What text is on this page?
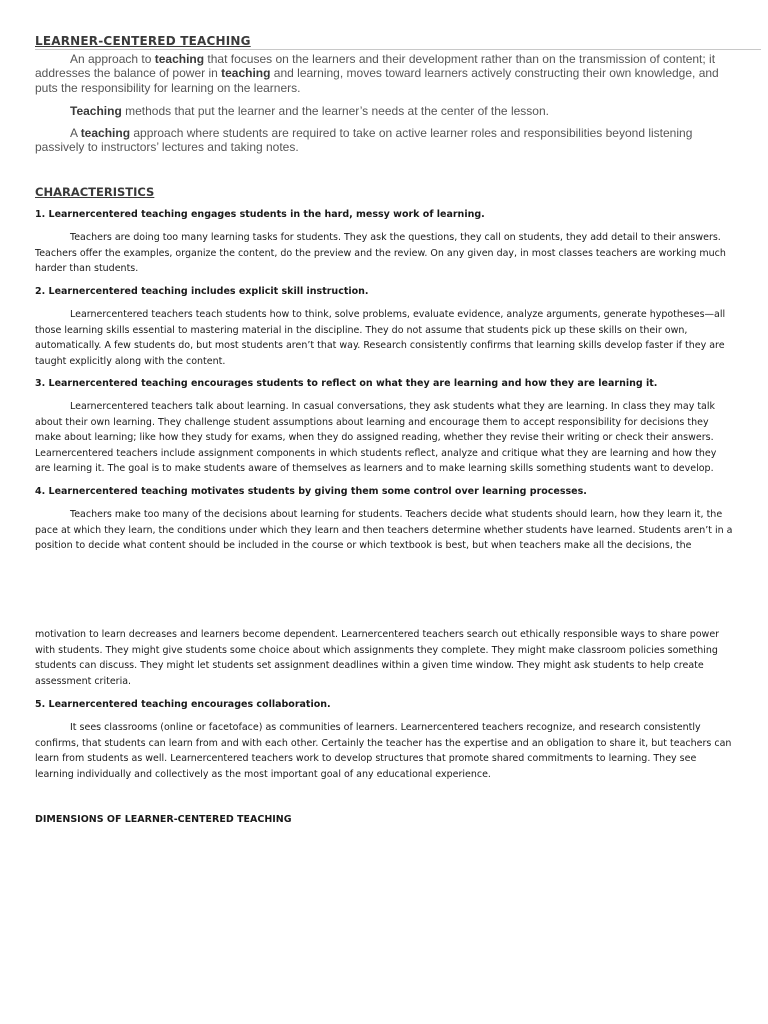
LEARNER-CENTERED TEACHING

An approach to teaching that focuses on the learners and their development rather than on the transmission of content; it addresses the balance of power in teaching and learning, moves toward learners actively constructing their own knowledge, and puts the responsibility for learning on the learners.

Teaching methods that put the learner and the learner’s needs at the center of the lesson.

A teaching approach where students are required to take on active learner roles and responsibilities beyond listening passively to instructors’ lectures and taking notes.

CHARACTERISTICS

1. Learnercentered teaching engages students in the hard, messy work of learning.

Teachers are doing too many learning tasks for students. They ask the questions, they call on students, they add detail to their answers. Teachers offer the examples, organize the content, do the preview and the review. On any given day, in most classes teachers are working much harder than students.

2. Learnercentered teaching includes explicit skill instruction.

Learnercentered teachers teach students how to think, solve problems, evaluate evidence, analyze arguments, generate hypotheses—all those learning skills essential to mastering material in the discipline. They do not assume that students pick up these skills on their own, automatically. A few students do, but most students aren’t that way. Research consistently confirms that learning skills develop faster if they are taught explicitly along with the content.

3. Learnercentered teaching encourages students to reflect on what they are learning and how they are learning it.

Learnercentered teachers talk about learning. In casual conversations, they ask students what they are learning. In class they may talk about their own learning. They challenge student assumptions about learning and encourage them to accept responsibility for decisions they make about learning; like how they study for exams, when they do assigned reading, whether they revise their writing or check their answers. Learnercentered teachers include assignment components in which students reflect, analyze and critique what they are learning and how they are learning it. The goal is to make students aware of themselves as learners and to make learning skills something students want to develop.

4. Learnercentered teaching motivates students by giving them some control over learning processes.

Teachers make too many of the decisions about learning for students. Teachers decide what students should learn, how they learn it, the pace at which they learn, the conditions under which they learn and then teachers determine whether students have learned. Students aren’t in a position to decide what content should be included in the course or which textbook is best, but when teachers make all the decisions, the

motivation to learn decreases and learners become dependent. Learnercentered teachers search out ethically responsible ways to share power with students. They might give students some choice about which assignments they complete. They might make classroom policies something students can discuss. They might let students set assignment deadlines within a given time window. They might ask students to help create assessment criteria.

5. Learnercentered teaching encourages collaboration.

It sees classrooms (online or facetoface) as communities of learners. Learnercentered teachers recognize, and research consistently confirms, that students can learn from and with each other. Certainly the teacher has the expertise and an obligation to share it, but teachers can learn from students as well. Learnercentered teachers work to develop structures that promote shared commitments to learning. They see learning individually and collectively as the most important goal of any educational experience.

DIMENSIONS OF LEARNER-CENTERED TEACHING
